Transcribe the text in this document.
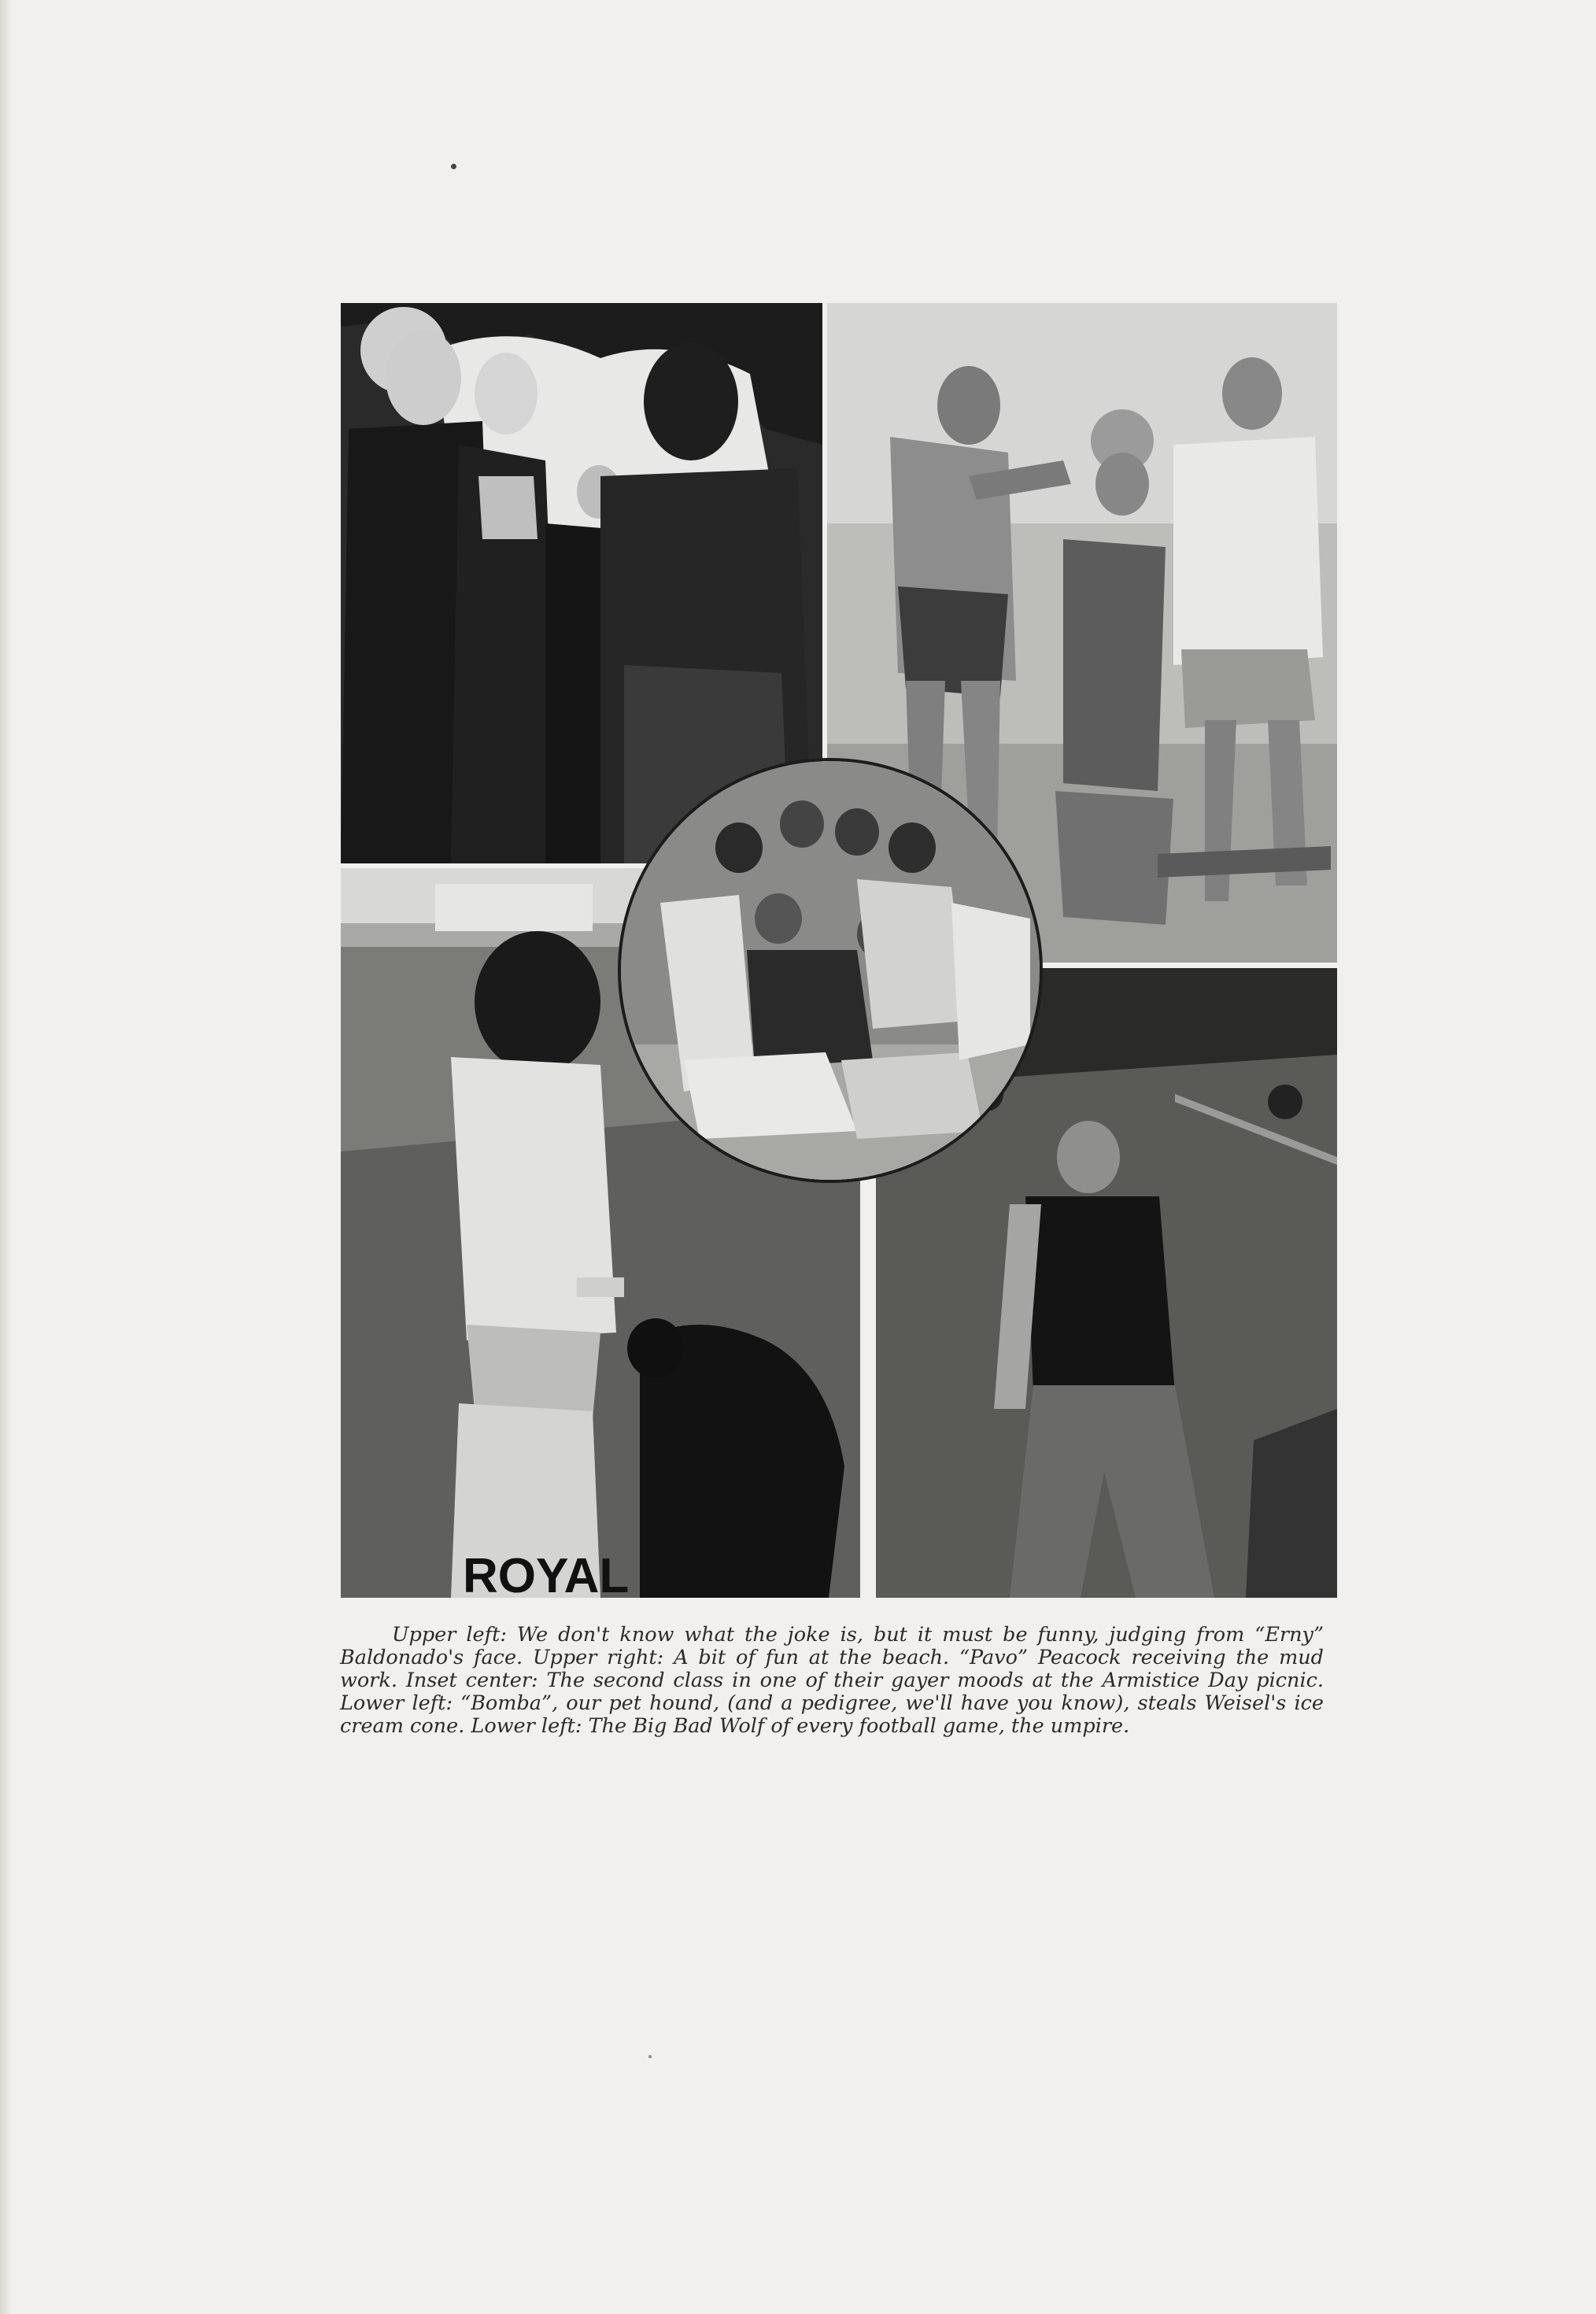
ROYAL

Upper left: We don't know what the joke is, but it must be funny, judging from “Erny” Baldonado's face. Upper right: A bit of fun at the beach. “Pavo” Peacock receiving the mud work. Inset center: The second class in one of their gayer moods at the Armistice Day picnic. Lower left: “Bomba”, our pet hound, (and a pedigree, we'll have you know), steals Weisel's ice cream cone. Lower left: The Big Bad Wolf of every football game, the umpire.
